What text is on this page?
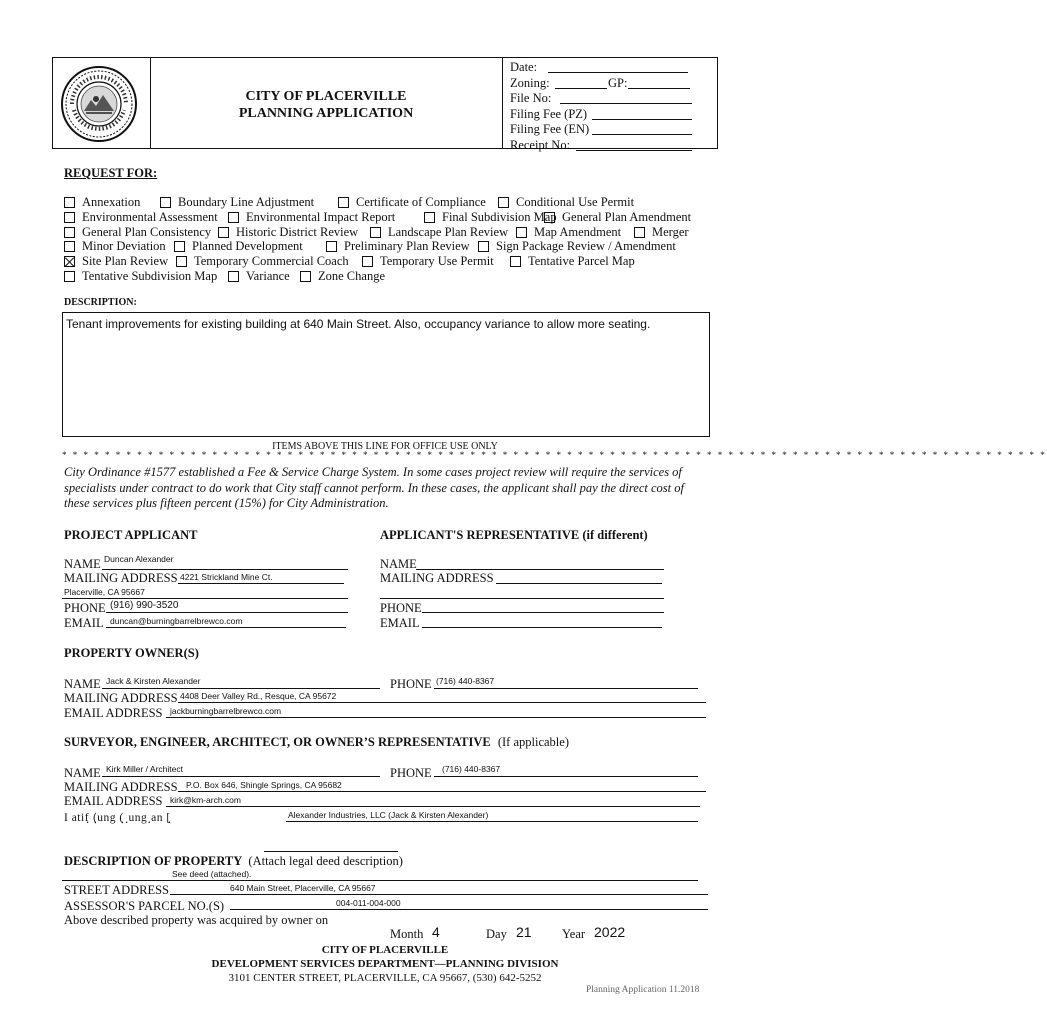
CITY OF PLACERVILLE
PLANNING APPLICATION
Date:
Zoning:	GP:
File No:
Filing Fee (PZ)
Filing Fee (EN)
Receipt No:
REQUEST FOR:
Annexation	Boundary Line Adjustment	Certificate of Compliance Conditional Use Permit
Environmental Assessment Environmental Impact Report	Final Subdivision Map General Plan Amendment
General Plan Consistency Historic District Review Landscape Plan Review Map Amendment Merger
Minor Deviation Planned Development	Preliminary Plan Review Sign Package Review / Amendment
Site Plan Review Temporary Commercial Coach	Temporary Use Permit	Tentative Parcel Map
Tentative Subdivision Map Variance Zone Change
DESCRIPTION:
Tenant improvements for existing building at 640 Main Street. Also, occupancy variance to allow more seating.
ITEMS ABOVE THIS LINE FOR OFFICE USE ONLY
* * * * * * * * * * * * * * * * * * * * * * * * * * * * * * * * * * * * * * * * * * * * * * * * * * * * * * * * * * * * * * * * * * * * * * * * * * * * * * * * * * * * * * * * * * * *
City Ordinance #1577 established a Fee & Service Charge System. In some cases project review will require the services of specialists under contract to do work that City staff cannot perform. In these cases, the applicant shall pay the direct cost of these services plus fifteen percent (15%) for City Administration.
PROJECT APPLICANT
NAME Duncan Alexander
MAILING ADDRESS 4221 Strickland Mine Ct.
Placerville, CA 95667
PHONE (916) 990-3520
EMAIL duncan@burningbarrelbrewco.com
APPLICANT'S REPRESENTATIVE (if different)
NAME
MAILING ADDRESS
PHONE
EMAIL
PROPERTY OWNER(S)
NAME Jack & Kirsten Alexander	PHONE (716) 440-8367
MAILING ADDRESS 4408 Deer Valley Rd., Resque, CA 95672
EMAIL ADDRESS jackburningbarrelbrewco.com
SURVEYOR, ENGINEER, ARCHITECT, OR OWNER’S REPRESENTATIVE (If applicable)
NAME Kirk Miller / Architect	PHONE (716) 440-8367
MAILING ADDRESS P.O. Box 646, Shingle Springs, CA 95682
EMAIL ADDRESS kirk@km-arch.com
I atifฺ (ฺung (ฺ ฺung ฺan [ฺ	Alexander Industries, LLC (Jack & Kirsten Alexander)
DESCRIPTION OF PROPERTY (Attach legal deed description)
See deed (attached).
STREET ADDRESS	640 Main Street, Placerville, CA 95667
ASSESSOR'S PARCEL NO.(S)	004-011-004-000
Above described property was acquired by owner on
Month 4	Day 21 Year 2022
CITY OF PLACERVILLE
DEVELOPMENT SERVICES DEPARTMENT—PLANNING DIVISION
3101 CENTER STREET, PLACERVILLE, CA 95667, (530) 642-5252
Planning Application 11.2018
